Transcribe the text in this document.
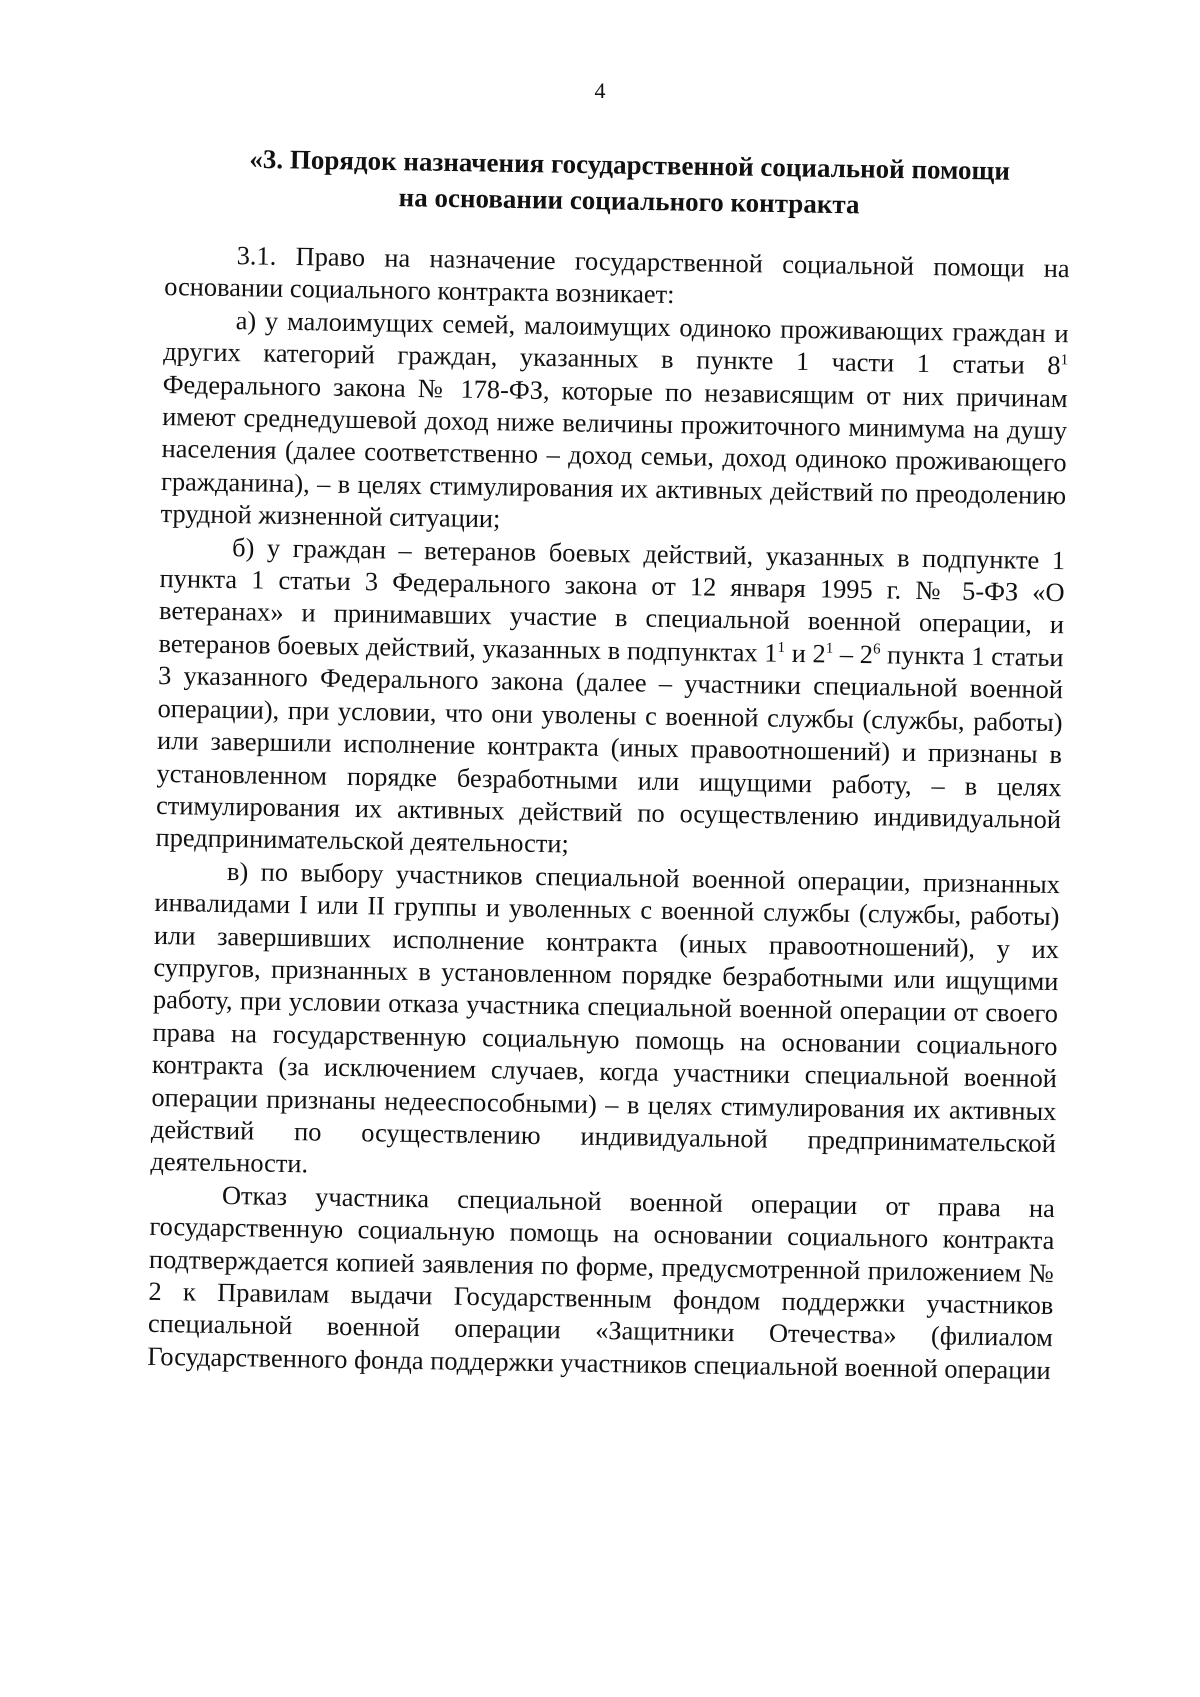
4
«3. Порядок назначения государственной социальной помощи
на основании социального контракта

3.1. Право на назначение государственной социальной помощи на основании социального контракта возникает:

а) у малоимущих семей, малоимущих одиноко проживающих граждан и других категорий граждан, указанных в пункте 1 части 1 статьи $8^1$ Федерального закона № 178-ФЗ, которые по независящим от них причинам имеют среднедушевой доход ниже величины прожиточного минимума на душу населения (далее соответственно – доход семьи, доход одиноко проживающего гражданина), – в целях стимулирования их активных действий по преодолению трудной жизненной ситуации;

б) у граждан – ветеранов боевых действий, указанных в подпункте 1 пункта 1 статьи 3 Федерального закона от 12 января 1995 г. № 5-ФЗ «О ветеранах» и принимавших участие в специальной военной операции, и ветеранов боевых действий, указанных в подпунктах $1^1$ и $2^1 - 2^6$ пункта 1 статьи 3 указанного Федерального закона (далее – участники специальной военной операции), при условии, что они уволены с военной службы (службы, работы) или завершили исполнение контракта (иных правоотношений) и признаны в установленном порядке безработными или ищущими работу, – в целях стимулирования их активных действий по осуществлению индивидуальной предпринимательской деятельности;

в) по выбору участников специальной военной операции, признанных инвалидами I или II группы и уволенных с военной службы (службы, работы) или завершивших исполнение контракта (иных правоотношений), у их супругов, признанных в установленном порядке безработными или ищущими работу, при условии отказа участника специальной военной операции от своего права на государственную социальную помощь на основании социального контракта (за исключением случаев, когда участники специальной военной операции признаны недееспособными) – в целях стимулирования их активных действий по осуществлению индивидуальной предпринимательской деятельности.

Отказ участника специальной военной операции от права на государственную социальную помощь на основании социального контракта подтверждается копией заявления по форме, предусмотренной приложением № 2 к Правилам выдачи Государственным фондом поддержки участников специальной военной операции «Защитники Отечества» (филиалом Государственного фонда поддержки участников специальной военной операции
